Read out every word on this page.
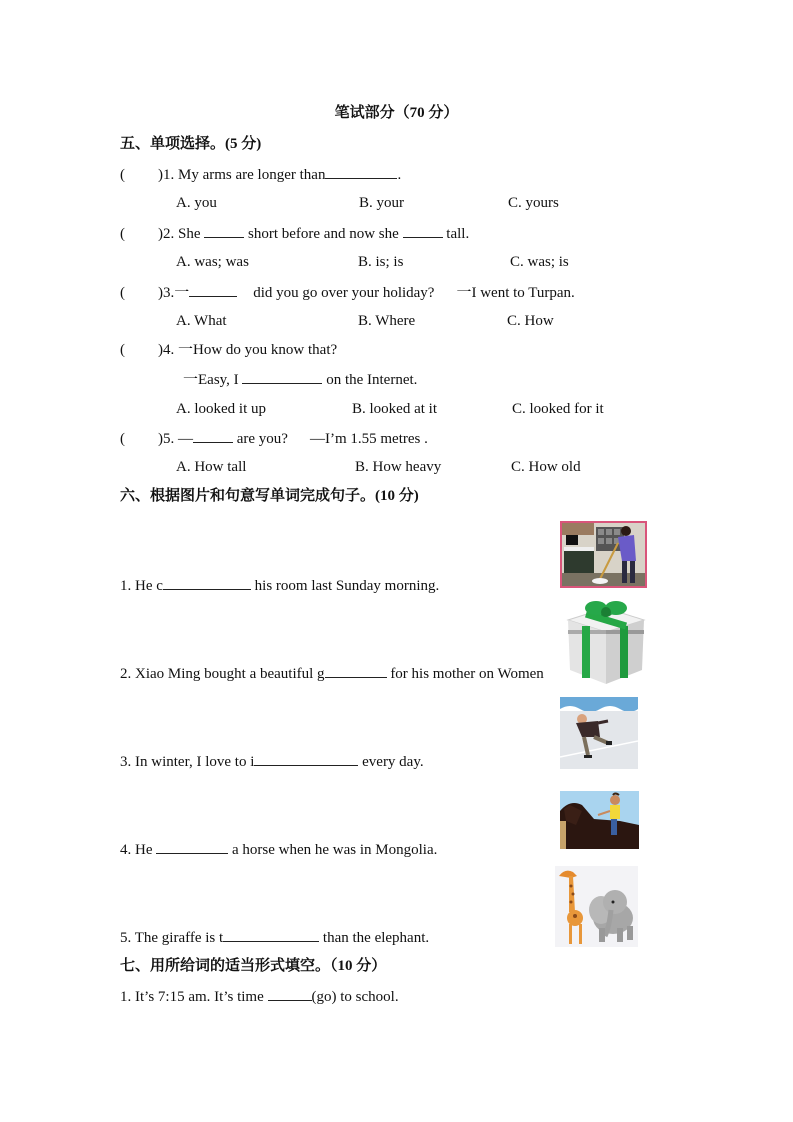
笔试部分（70 分）
五、单项选择。(5 分)
( )1. My arms are longer than	.
A. you	B. your	C. yours
( )2. She	short before and now she	tall.
A. was; was	B. is; is	C. was; is
( )3.一	did you go over your holiday? 一I went to Turpan.
A. What	B. Where	C. How
( )4. 一How do you know that?
一Easy, I	on the Internet.
A. looked it up	B. looked at it	C. looked for it
( )5. —	are you? —I’m 1.55 metres .
A. How tall	B. How heavy	C. How old
六、根据图片和句意写单词完成句子。(10 分)
1. He c	his room last Sunday morning.
2. Xiao Ming bought a beautiful g	for his mother on Women
3. In winter, I love to i	every day.
4. He	a horse when he was in Mongolia.
5. The giraffe is t	than the elephant.
七、用所给词的适当形式填空。（10 分）
1. It’s 7:15 am. It’s time	(go) to school.
